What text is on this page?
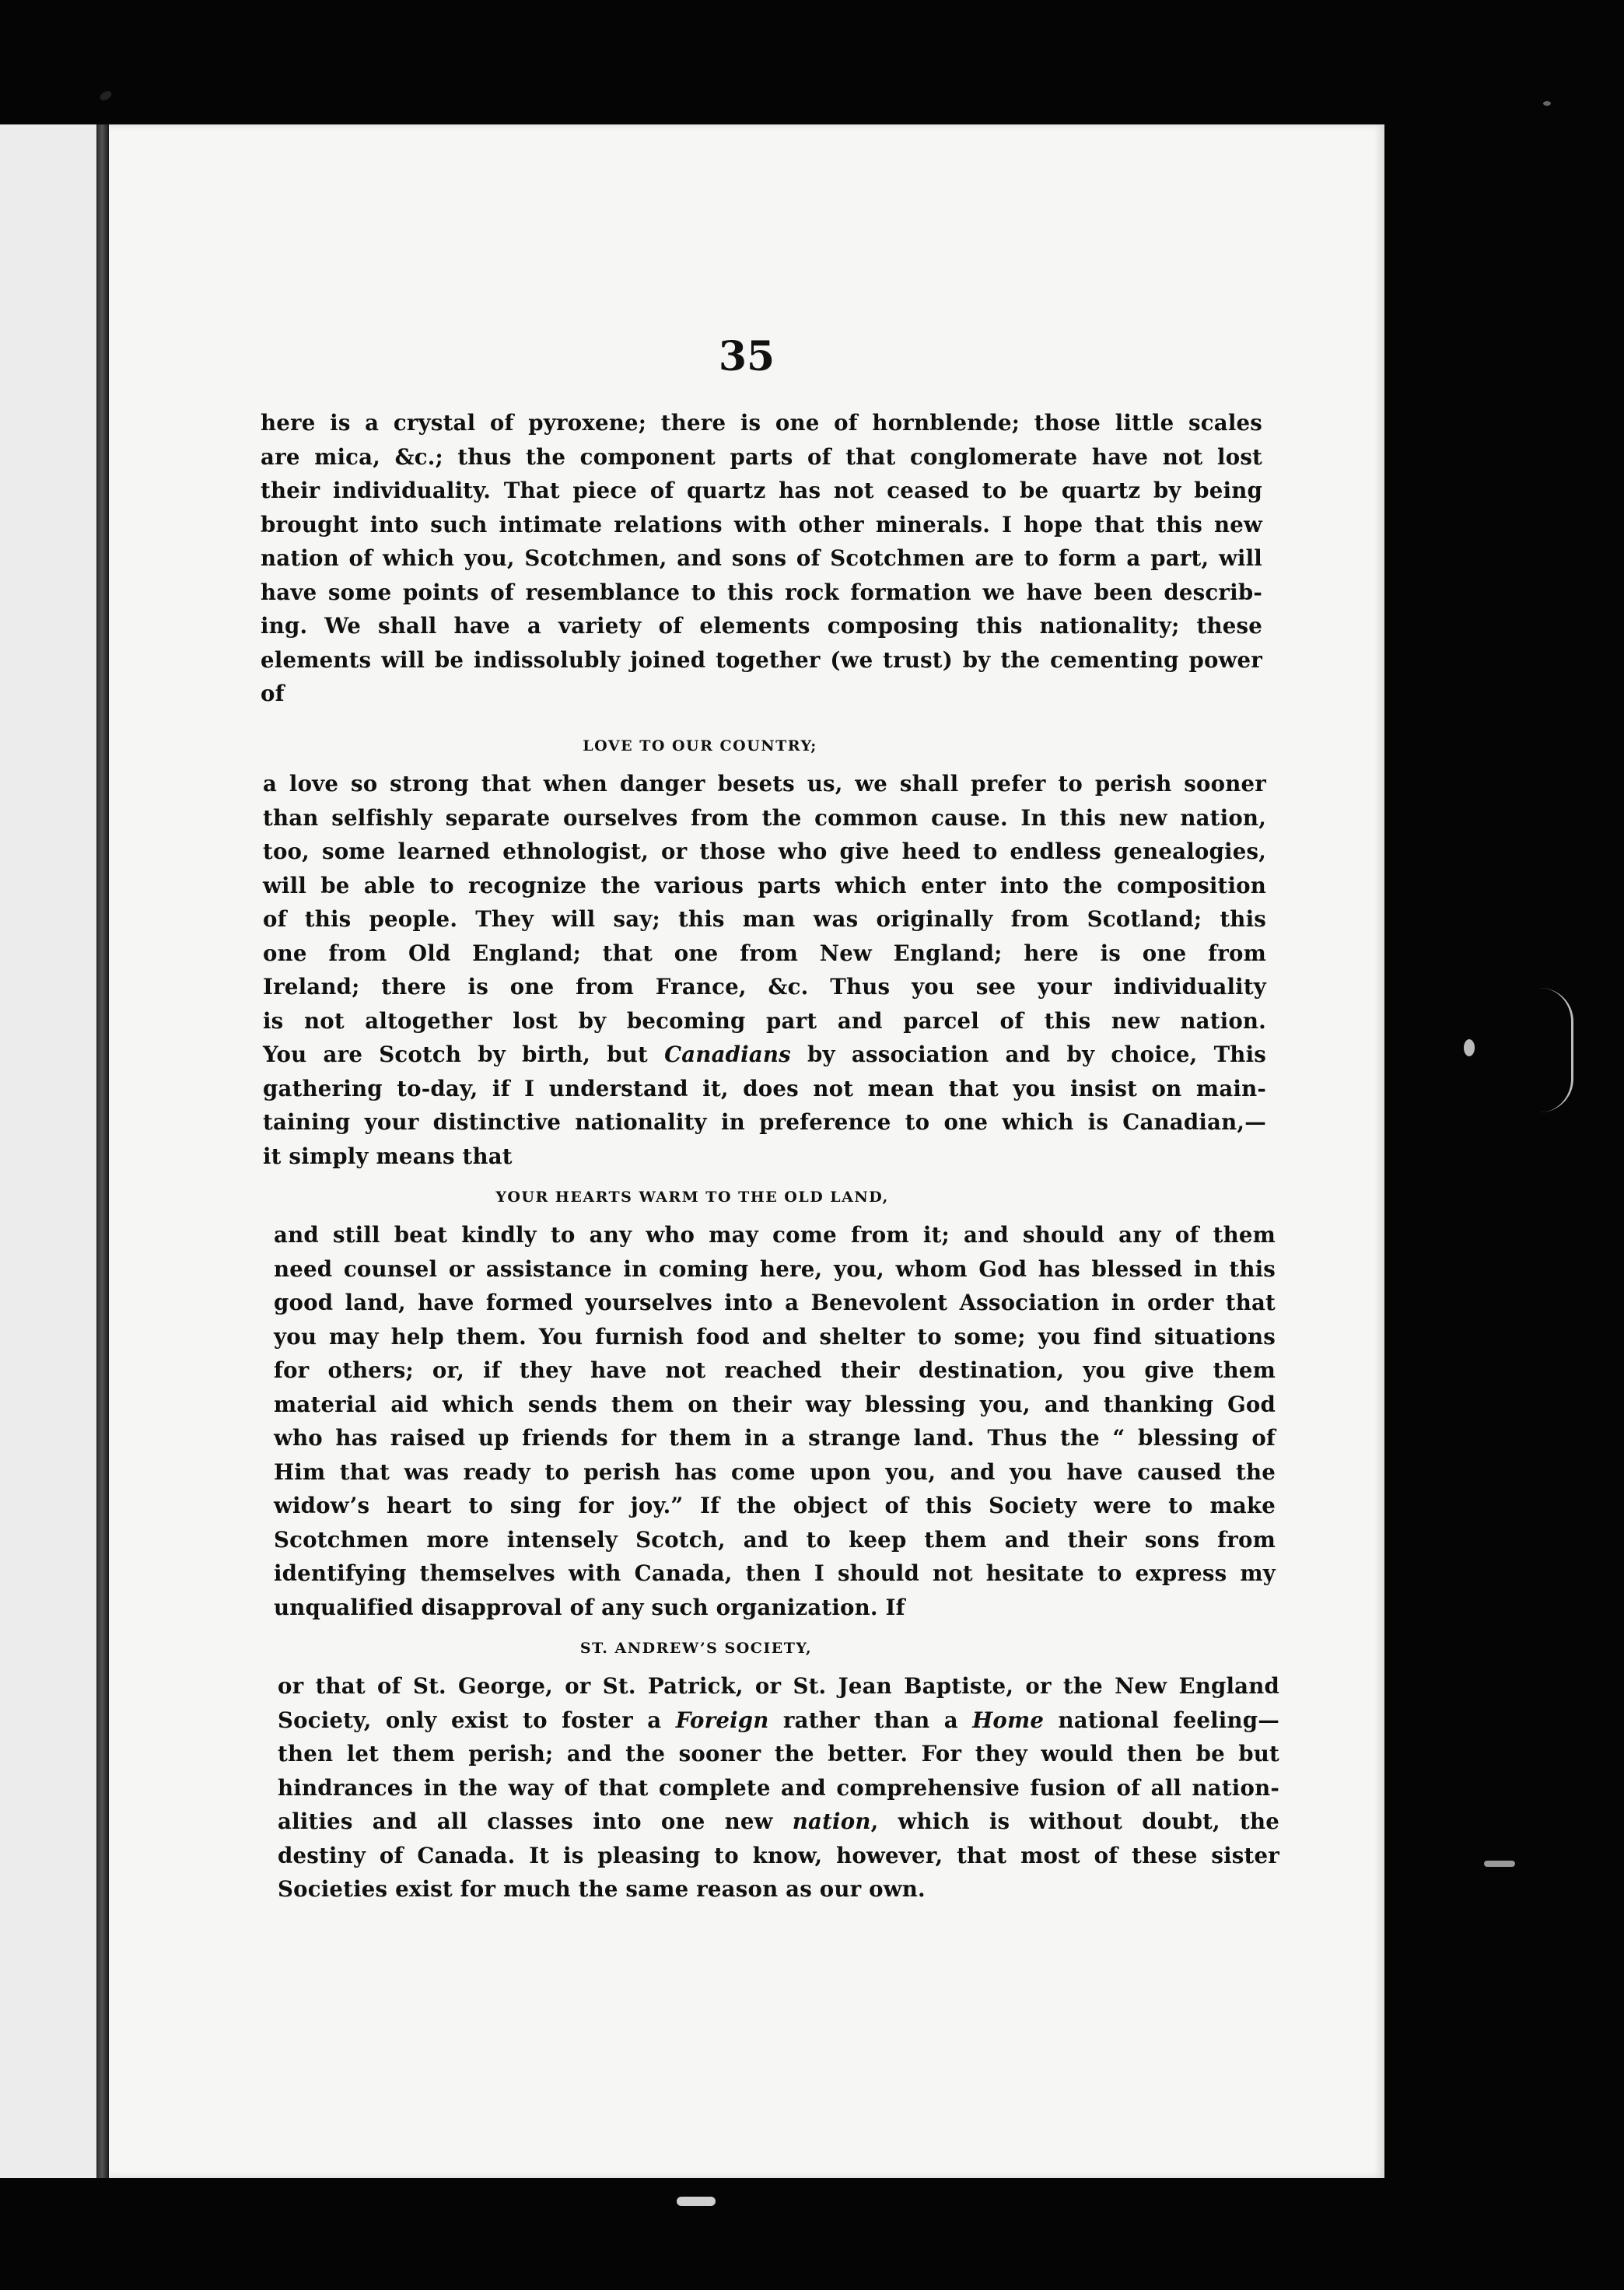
35
here is a crystal of pyroxene; there is one of hornblende; those little scales
are mica, &c.; thus the component parts of that conglomerate have not lost
their individuality. That piece of quartz has not ceased to be quartz by being
brought into such intimate relations with other minerals. I hope that this new
nation of which you, Scotchmen, and sons of Scotchmen are to form a part, will
have some points of resemblance to this rock formation we have been describ-
ing. We shall have a variety of elements composing this nationality; these
elements will be indissolubly joined together (we trust) by the cementing power
of
LOVE TO OUR COUNTRY;
a love so strong that when danger besets us, we shall prefer to perish sooner
than selfishly separate ourselves from the common cause. In this new nation,
too, some learned ethnologist, or those who give heed to endless genealogies,
will be able to recognize the various parts which enter into the composition
of this people. They will say; this man was originally from Scotland; this
one from Old England; that one from New England; here is one from
Ireland; there is one from France, &c. Thus you see your individuality
is not altogether lost by becoming part and parcel of this new nation.
You are Scotch by birth, but Canadians by association and by choice, This
gathering to-day, if I understand it, does not mean that you insist on main-
taining your distinctive nationality in preference to one which is Canadian,—
it simply means that
YOUR HEARTS WARM TO THE OLD LAND,
and still beat kindly to any who may come from it; and should any of them
need counsel or assistance in coming here, you, whom God has blessed in this
good land, have formed yourselves into a Benevolent Association in order that
you may help them. You furnish food and shelter to some; you find situations
for others; or, if they have not reached their destination, you give them
material aid which sends them on their way blessing you, and thanking God
who has raised up friends for them in a strange land. Thus the “ blessing of
Him that was ready to perish has come upon you, and you have caused the
widow’s heart to sing for joy.” If the object of this Society were to make
Scotchmen more intensely Scotch, and to keep them and their sons from
identifying themselves with Canada, then I should not hesitate to express my
unqualified disapproval of any such organization. If
ST. ANDREW’S SOCIETY,
or that of St. George, or St. Patrick, or St. Jean Baptiste, or the New England
Society, only exist to foster a Foreign rather than a Home national feeling—
then let them perish; and the sooner the better. For they would then be but
hindrances in the way of that complete and comprehensive fusion of all nation-
alities and all classes into one new nation, which is without doubt, the
destiny of Canada. It is pleasing to know, however, that most of these sister
Societies exist for much the same reason as our own.
